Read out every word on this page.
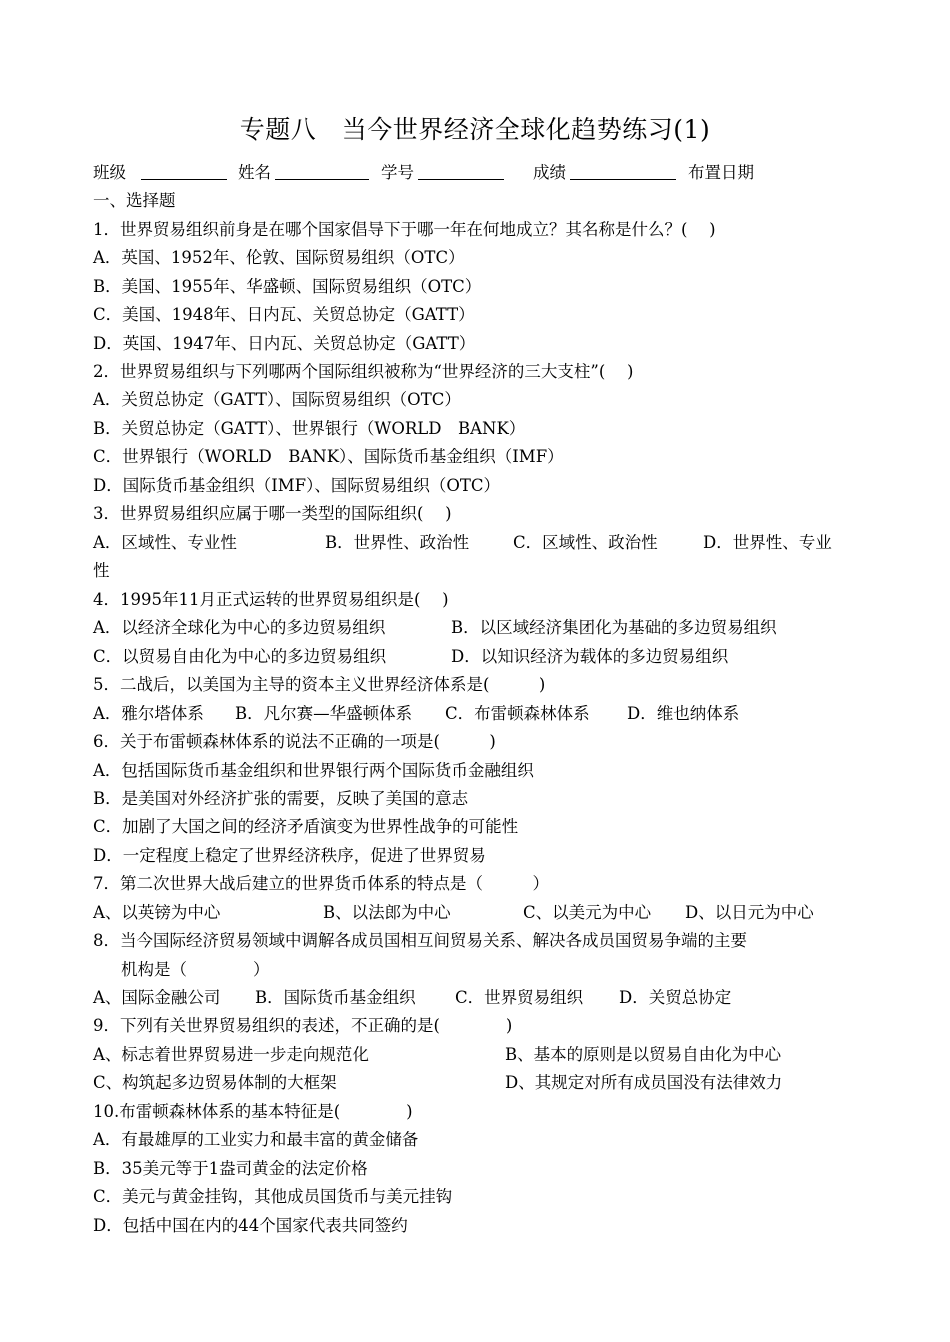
专题八　当今世界经济全球化趋势练习(1)

班级

	姓名

	学号

	成绩

	布置日期

一、选择题
1．世界贸易组织前身是在哪个国家倡导下于哪一年在何地成立？其名称是什么？(　 )
A．英国、1952年、伦敦、国际贸易组织（OTC）
B．美国、1955年、华盛顿、国际贸易组织（OTC）
C．美国、1948年、日内瓦、关贸总协定（GATT）
D．英国、1947年、日内瓦、关贸总协定（GATT）
2．世界贸易组织与下列哪两个国际组织被称为“世界经济的三大支柱”(　 )
A．关贸总协定（GATT）、国际贸易组织（OTC）
B．关贸总协定（GATT）、世界银行（WORLD　BANK）
C．世界银行（WORLD　BANK）、国际货币基金组织（IMF）
D．国际货币基金组织（IMF）、国际贸易组织（OTC）
3．世界贸易组织应属于哪一类型的国际组织(　 )

A．区域性、专业性

	B．世界性、政治性

	C．区域性、政治性

	D．世界性、专业

性
4．1995年11月正式运转的世界贸易组织是(　 )

A．以经济全球化为中心的多边贸易组织

	B．以区域经济集团化为基础的多边贸易组织

C．以贸易自由化为中心的多边贸易组织

	D．以知识经济为载体的多边贸易组织

5．二战后，以美国为主导的资本主义世界经济体系是(　　　)

A．雅尔塔体系

B．凡尔赛—华盛顿体系

C．布雷顿森林体系

D．维也纳体系

6．关于布雷顿森林体系的说法不正确的一项是(　　　)
A．包括国际货币基金组织和世界银行两个国际货币金融组织
B．是美国对外经济扩张的需要，反映了美国的意志
C．加剧了大国之间的经济矛盾演变为世界性战争的可能性
D．一定程度上稳定了世界经济秩序，促进了世界贸易
7．第二次世界大战后建立的世界货币体系的特点是（　　　）

A、以英镑为中心

	B、以法郎为中心

	C、以美元为中心

D、以日元为中心

8．当今国际经济贸易领域中调解各成员国相互间贸易关系、解决各成员国贸易争端的主要
机构是（　　　　）

A、国际金融公司

B．国际货币基金组织

C．世界贸易组织

D．关贸总协定

9．下列有关世界贸易组织的表述，不正确的是(　　　　)

A、标志着世界贸易进一步走向规范化

	B、基本的原则是以贸易自由化为中心

C、构筑起多边贸易体制的大框架

	D、其规定对所有成员国没有法律效力

10.布雷顿森林体系的基本特征是(　　　　)
A．有最雄厚的工业实力和最丰富的黄金储备
B．35美元等于1盎司黄金的法定价格
C．美元与黄金挂钩，其他成员国货币与美元挂钩
D．包括中国在内的44个国家代表共同签约
